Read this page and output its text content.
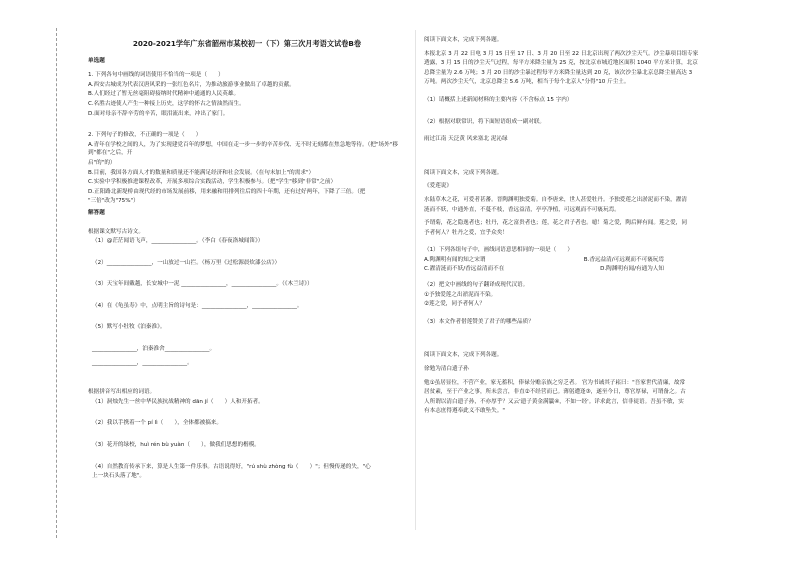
2020-2021学年广东省韶州市某校初一（下）第三次月考语文试卷B卷
单选题
1. 下列各句中画线的词语使用不恰当的一项是（　　）
A.西安古城成为代表汉唐风采的一张红色名片，为推动旅游事业做出了卓越的贡献。
B.人们经过了暂无丝毫阻碍接纳时代精神中通通的人民英雄。
C.名胜古迹使人产生一种接上历史，这学的怀古之情油然而生。
D.面对母亲不辞辛劳的辛苦，眼泪流出来，冲出了家门。
2. 下列句子的修改，不正确的一项是（　　）
A.青年在学校之间的人，为了实现建党百年的梦想，中国在走一步一步的辛苦步伐、无不时无刻都在焦急地等待。（把"场外"移到"都在"之后，开
启"的"的）
B.目前，我国各方面人才的数量和质量还不能满足经济和社会发展。（在句末加上"的需求"）
C.实验中学积极推进课程改革，开展多项综合实践活动，学生积极参与。（把"学生"移到"非常"之前）
D.正阳路北新堤桥由现代经的市场发展前移，用来融和用排列往后的四十年期，还有过好两年，下降了三倍。（把
"三倍"改为"75%"）
解答题
根据课文默写古诗文。
（1）@茫茫闻语飞声，________________。（李白《春夜洛城闻笛》）
（2）________________，一山放过一山拦。（杨万里《过松源晨炊漆公店》）
（3）天宝年间戴越，长安城中一泥 ________________，________________。（《木兰诗》）
（4）在《龟虽寿》中，点明主旨的诗句是：________________，________________。
（5）默写小牡牧《泊秦淮》。
________________，泊秦淮舍________________。
________________，________________。
根据拼音写出相应的词语。
（1）洞烛先生一丝中华民族抗战精神的 dān jí（　　）人和开拓者。
（2）我以手携着一个 pí lì（　　），全体都被搞来。
（3）花开的绿校，huì rén bù yuàn（　　），做我们思想的楷模。
（4）自然教育传承下来，算是人生第一件乐事。古语说得好，"rú shù zhòng fù（　　）"；但慢传递的失，"心
上一块石头落了地"。
阅读下面文本，完成下列各题。
本报北京 3 月 22 日电 3 月 15 日至 17 日、3 月 20 日至 22 日北京出现了两次沙尘天气。沙尘暴项目组专家
透露，3 月 15 日的沙尘天气过程，每平方米降尘量为 25 克，按北京市城近地区面积 1040 平方米计算，北京
总降尘量为 2.6 万吨；3 月 20 日的沙尘暴过程每平方米降尘量达到 20 克，该次沙尘暴北京总降尘量高达 3
万吨。两次沙尘天气，北京总降尘 5.6 万吨，相当于每个北京人"分得"10 斤尘土。
（1）请概括上述新闻材料的主要内容（不含标点 15 字内）
（2）根据对联常识，将下面短语组成一副对联。
雨过江南 天泛黄 风来塞北 泥沁绿
阅读下面文本，完成下列各题。
《爱莲说》
水陆草木之花，可爱者甚蕃。晋陶渊明独爱菊。自李唐来，世人甚爱牡丹。予独爱莲之出淤泥而不染，濯清
涟而不妖，中通外直，不蔓不枝，香远益清，亭亭净植，可远观而不可亵玩焉。
予谓菊，花之隐逸者也；牡丹，花之富贵者也；莲，花之君子者也。噫！菊之爱，陶后鲜有闻。莲之爱，同
予者何人？牡丹之爱，宜乎众矣！
（1）下列各组句子中，画线词语意思相同的一项是（　　）
A.陶渊明有闻的知之宋谓	B.香远益清/可远观而不可亵玩焉
C.濯清涟而不妖/香远益清而不在	D.陶渊明有闻/有通为人知
（2）把文中画线的句子翻译成现代汉语。
①予独爱莲之出淤泥而不染。
②莲之爱，同予者何人？
（3）本文作者借莲赞美了君子的哪些品质？
阅读下面文本，完成下列各题。
徐勉为清白遗子孙
勉①虽居显位，不营产业，家无蓄积，俸禄分赡亲族之穷乏者。 官为书诫其子崧曰："吾家世代清廉，故常
居贫素，至于产业之事，所未尝言，非直②不经营而已。薄躬遭逢③，遂至今日，尊官厚禄，可谓备之。古
人所谓以清白遗子孙，不亦厚乎？又云'遗子黄金满籯④，不如一经'。详求此言，信非徒语。吾虽不敏，实
有本志庶得遵奉此义不敢坠失。"
